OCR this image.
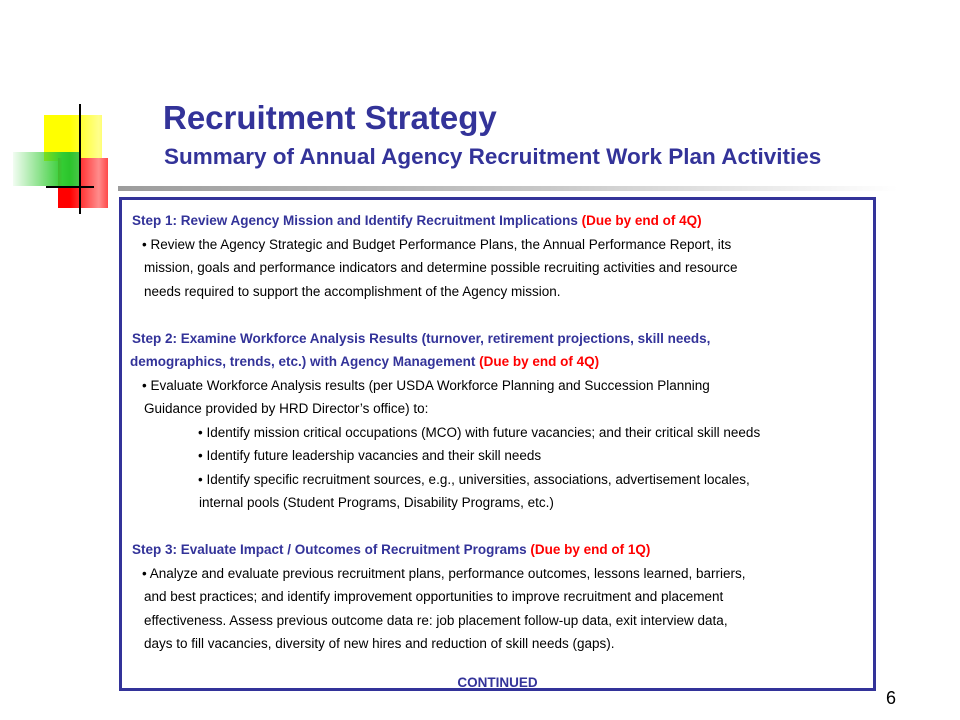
Recruitment Strategy
Summary of Annual Agency Recruitment Work Plan Activities
Step 1: Review Agency Mission and Identify Recruitment Implications (Due by end of 4Q)
• Review the Agency Strategic and Budget Performance Plans, the Annual Performance Report, its
mission, goals and performance indicators and determine possible recruiting activities and resource
needs required to support the accomplishment of the Agency mission.
Step 2: Examine Workforce Analysis Results (turnover, retirement projections, skill needs,
demographics, trends, etc.) with Agency Management (Due by end of 4Q)
• Evaluate Workforce Analysis results (per USDA Workforce Planning and Succession Planning
Guidance provided by HRD Director’s office) to:
• Identify mission critical occupations (MCO) with future vacancies; and their critical skill needs
• Identify future leadership vacancies and their skill needs
• Identify specific recruitment sources, e.g., universities, associations, advertisement locales,
internal pools (Student Programs, Disability Programs, etc.)
Step 3: Evaluate Impact / Outcomes of Recruitment Programs (Due by end of 1Q)
• Analyze and evaluate previous recruitment plans, performance outcomes, lessons learned, barriers,
and best practices; and identify improvement opportunities to improve recruitment and placement
effectiveness. Assess previous outcome data re: job placement follow-up data, exit interview data,
days to fill vacancies, diversity of new hires and reduction of skill needs (gaps).
CONTINUED
6
